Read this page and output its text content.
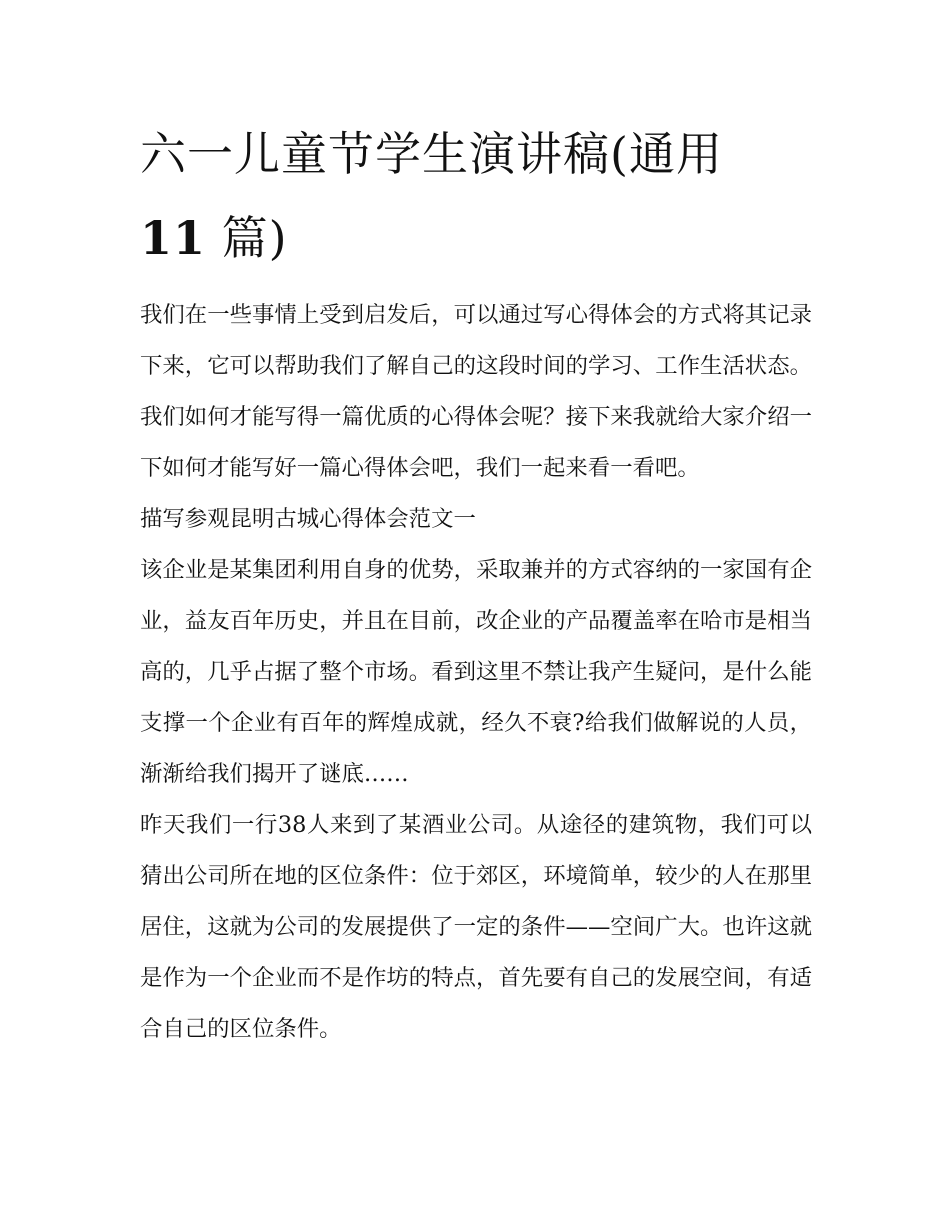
六一儿童节学生演讲稿(通用
11 篇)

我们在一些事情上受到启发后，可以通过写心得体会的方式将其记录下来，它可以帮助我们了解自己的这段时间的学习、工作生活状态。我们如何才能写得一篇优质的心得体会呢？接下来我就给大家介绍一下如何才能写好一篇心得体会吧，我们一起来看一看吧。

描写参观昆明古城心得体会范文一

该企业是某集团利用自身的优势，采取兼并的方式容纳的一家国有企业，益友百年历史，并且在目前，改企业的产品覆盖率在哈市是相当高的，几乎占据了整个市场。看到这里不禁让我产生疑问，是什么能支撑一个企业有百年的辉煌成就，经久不衰?给我们做解说的人员，渐渐给我们揭开了谜底……

昨天我们一行38人来到了某酒业公司。从途径的建筑物，我们可以猜出公司所在地的区位条件：位于郊区，环境简单，较少的人在那里居住，这就为公司的发展提供了一定的条件——空间广大。也许这就是作为一个企业而不是作坊的特点，首先要有自己的发展空间，有适合自己的区位条件。
